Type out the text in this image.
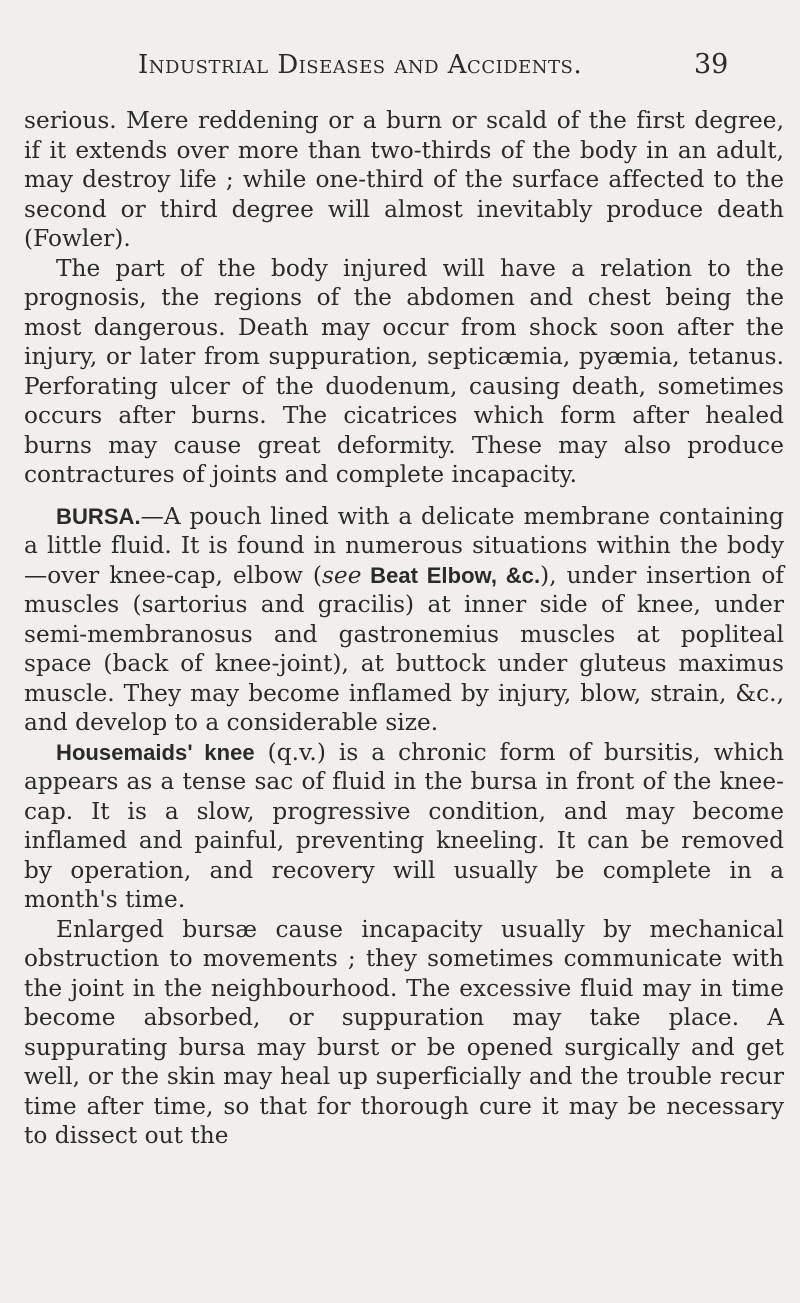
Industrial Diseases and Accidents.	39

serious. Mere reddening or a burn or scald of the first degree, if it extends over more than two-thirds of the body in an adult, may destroy life ; while one-third of the surface affected to the second or third degree will almost inevitably produce death (Fowler).

The part of the body injured will have a relation to the prognosis, the regions of the abdomen and chest being the most dangerous. Death may occur from shock soon after the injury, or later from suppuration, septicæmia, pyæmia, tetanus. Perforating ulcer of the duodenum, causing death, sometimes occurs after burns. The cicatrices which form after healed burns may cause great deformity. These may also produce contractures of joints and complete incapacity.

BURSA.—A pouch lined with a delicate membrane containing a little fluid. It is found in numerous situations within the body—over knee-cap, elbow (see Beat Elbow, &c.), under insertion of muscles (sartorius and gracilis) at inner side of knee, under semi-membranosus and gastronemius muscles at popliteal space (back of knee-joint), at buttock under gluteus maximus muscle. They may become inflamed by injury, blow, strain, &c., and develop to a considerable size.

Housemaids' knee (q.v.) is a chronic form of bursitis, which appears as a tense sac of fluid in the bursa in front of the knee-cap. It is a slow, progressive condition, and may become inflamed and painful, preventing kneeling. It can be removed by operation, and recovery will usually be complete in a month's time.

Enlarged bursæ cause incapacity usually by mechanical obstruction to movements ; they sometimes communicate with the joint in the neighbourhood. The excessive fluid may in time become absorbed, or suppuration may take place. A suppurating bursa may burst or be opened surgically and get well, or the skin may heal up superficially and the trouble recur time after time, so that for thorough cure it may be necessary to dissect out the
